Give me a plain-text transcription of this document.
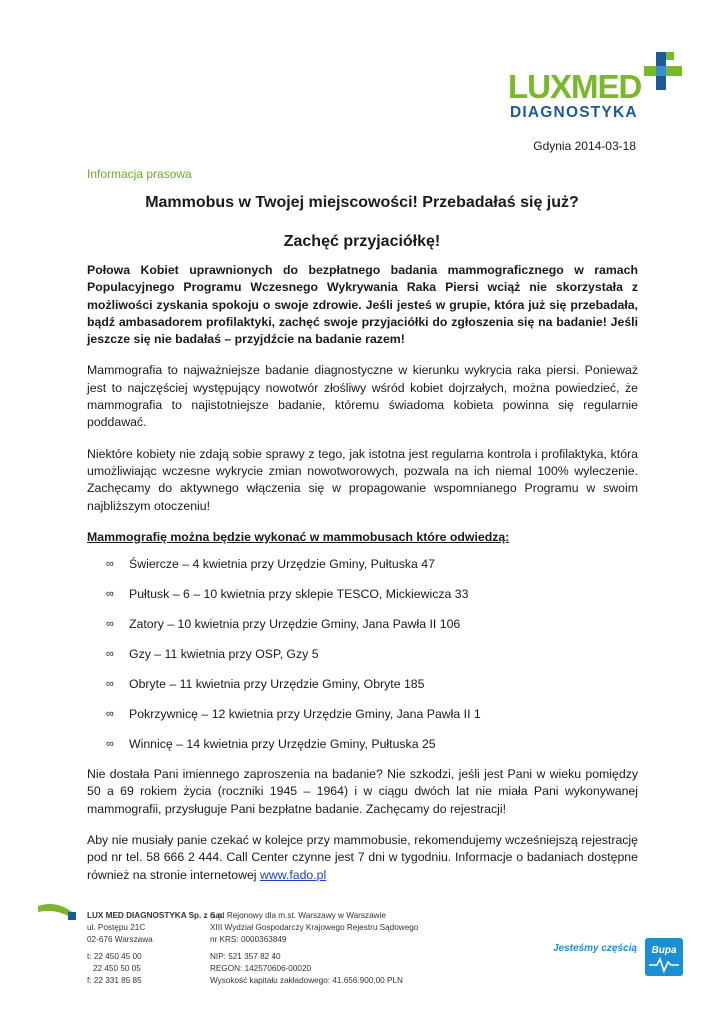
LUXMED
DIAGNOSTYKA
Gdynia 2014-03-18
Informacja prasowa
Mammobus w Twojej miejscowości! Przebadałaś się już?
Zachęć przyjaciółkę!

Połowa Kobiet uprawnionych do bezpłatnego badania mammograficznego w ramach Populacyjnego Programu Wczesnego Wykrywania Raka Piersi wciąż nie skorzystała z możliwości zyskania spokoju o swoje zdrowie. Jeśli jesteś w grupie, która już się przebadała, bądź ambasadorem profilaktyki, zachęć swoje przyjaciółki do zgłoszenia się na badanie! Jeśli jeszcze się nie badałaś – przyjdźcie na badanie razem!

Mammografia to najważniejsze badanie diagnostyczne w kierunku wykrycia raka piersi. Ponieważ jest to najczęściej występujący nowotwór złośliwy wśród kobiet dojrzałych, można powiedzieć, że mammografia to najistotniejsze badanie, któremu świadoma kobieta powinna się regularnie poddawać.

Niektóre kobiety nie zdają sobie sprawy z tego, jak istotna jest regularna kontrola i profilaktyka, która umożliwiając wczesne wykrycie zmian nowotworowych, pozwala na ich niemal 100% wyleczenie. Zachęcamy do aktywnego włączenia się w propagowanie wspomnianego Programu w swoim najbliższym otoczeniu!

Mammografię można będzie wykonać w mammobusach które odwiedzą:

∞ Świercze – 4 kwietnia przy Urzędzie Gminy, Pułtuska 47
∞ Pułtusk – 6 – 10 kwietnia przy sklepie TESCO, Mickiewicza 33
∞ Zatory – 10 kwietnia przy Urzędzie Gminy, Jana Pawła II 106
∞ Gzy – 11 kwietnia przy OSP, Gzy 5
∞ Obryte – 11 kwietnia przy Urzędzie Gminy, Obryte 185
∞ Pokrzywnicę – 12 kwietnia przy Urzędzie Gminy, Jana Pawła II 1
∞ Winnicę – 14 kwietnia przy Urzędzie Gminy, Pułtuska 25

Nie dostała Pani imiennego zaproszenia na badanie? Nie szkodzi, jeśli jest Pani w wieku pomiędzy 50 a 69 rokiem życia (roczniki 1945 – 1964) i w ciągu dwóch lat nie miała Pani wykonywanej mammografii, przysługuje Pani bezpłatne badanie. Zachęcamy do rejestracji!

Aby nie musiały panie czekać w kolejce przy mammobusie, rekomendujemy wcześniejszą rejestrację pod nr tel. 58 666 2 444. Call Center czynne jest 7 dni w tygodniu. Informacje o badaniach dostępne również na stronie internetowej www.fado.pl

LUX MED DIAGNOSTYKA Sp. z o.o.
ul. Postępu 21C
02-676 Warszawa
t: 22 450 45 00
22 450 50 05
f: 22 331 85 85
Sąd Rejonowy dla m.st. Warszawy w Warszawie
XIII Wydział Gospodarczy Krajowego Rejestru Sądowego
nr KRS: 0000363849
NIP: 521 357 82 40
REGON: 142570606-00020
Wysokość kapitału zakładowego: 41.656.900,00 PLN
Jesteśmy częścią Bupa
